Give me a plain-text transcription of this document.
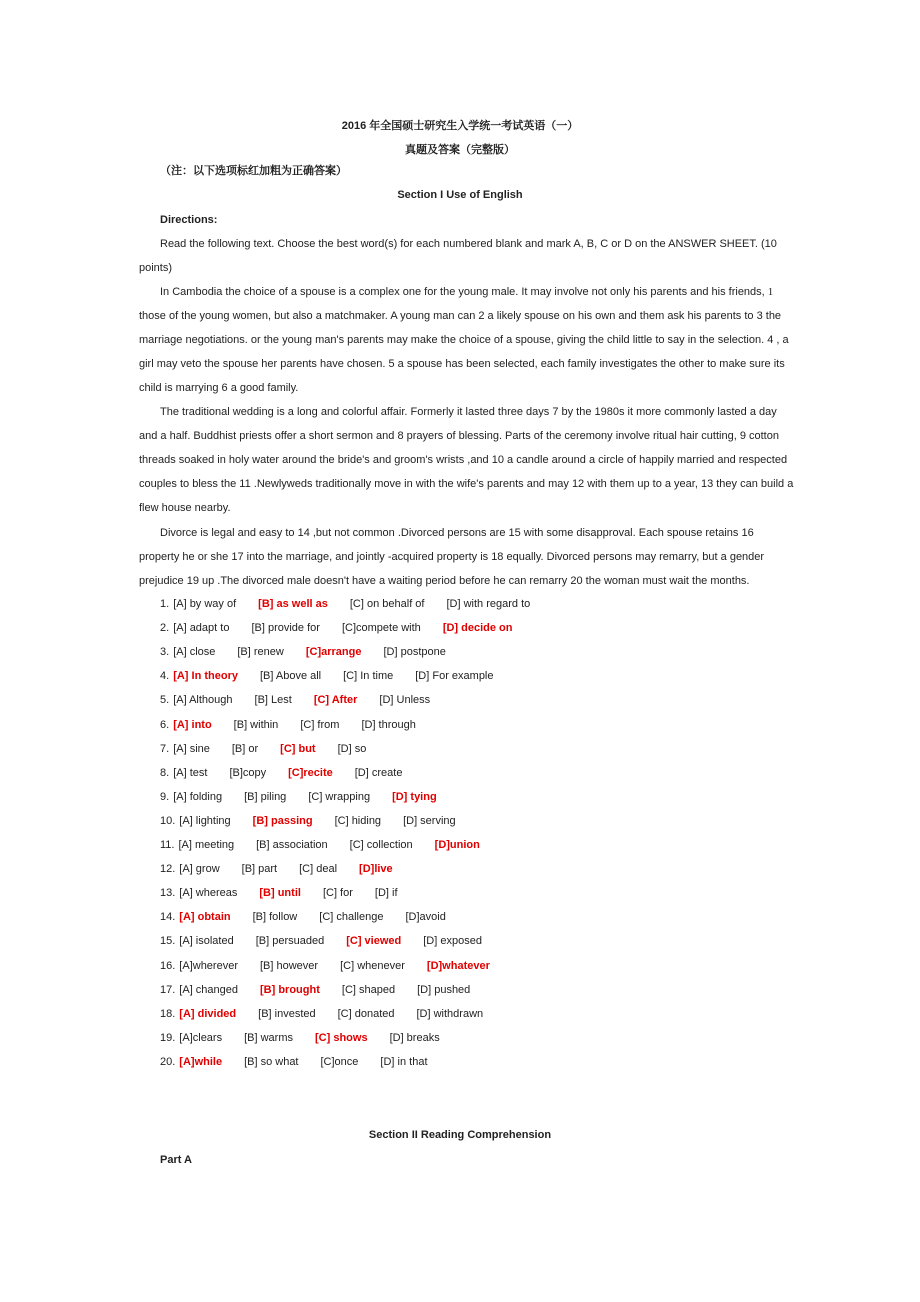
2016 年全国硕士研究生入学统一考试英语（一）
真题及答案（完整版）
（注：以下选项标红加粗为正确答案）
Section I Use of English
Directions:
Read the following text. Choose the best word(s) for each numbered blank and mark A, B, C or D on the ANSWER SHEET. (10
points)
In Cambodia the choice of a spouse is a complex one for the young male. It may involve not only his parents and his friends, 1
those of the young women, but also a matchmaker. A young man can 2 a likely spouse on his own and them ask his parents to 3 the
marriage negotiations. or the young man's parents may make the choice of a spouse, giving the child little to say in the selection. 4 , a
girl may veto the spouse her parents have chosen. 5 a spouse has been selected, each family investigates the other to make sure its
child is marrying 6 a good family.
The traditional wedding is a long and colorful affair. Formerly it lasted three days 7 by the 1980s it more commonly lasted a day
and a half. Buddhist priests offer a short sermon and 8 prayers of blessing. Parts of the ceremony involve ritual hair cutting, 9 cotton
threads soaked in holy water around the bride's and groom's wrists ,and 10 a candle around a circle of happily married and respected
couples to bless the 11 .Newlyweds traditionally move in with the wife's parents and may 12 with them up to a year, 13 they can build a
flew house nearby.
Divorce is legal and easy to 14 ,but not common .Divorced persons are 15 with some disapproval. Each spouse retains 16
property he or she 17 into the marriage, and jointly -acquired property is 18 equally. Divorced persons may remarry, but a gender
prejudice 19 up .The divorced male doesn't have a waiting period before he can remarry 20 the woman must wait the months.
1. [A] by way of [B] as well as [C] on behalf of [D] with regard to
2. [A] adapt to [B] provide for [C]compete with [D] decide on
3. [A] close [B] renew [C]arrange [D] postpone
4. [A] In theory [B] Above all [C] In time [D] For example
5. [A] Although [B] Lest [C] After [D] Unless
6. [A] into [B] within [C] from [D] through
7. [A] sine [B] or [C] but [D] so
8. [A] test [B]copy [C]recite [D] create
9. [A] folding [B] piling [C] wrapping [D] tying
10. [A] lighting [B] passing [C] hiding [D] serving
11. [A] meeting [B] association [C] collection [D]union
12. [A] grow [B] part [C] deal [D]live
13. [A] whereas [B] until [C] for [D] if
14. [A] obtain [B] follow [C] challenge [D]avoid
15. [A] isolated [B] persuaded [C] viewed [D] exposed
16. [A]wherever [B] however [C] whenever [D]whatever
17. [A] changed [B] brought [C] shaped [D] pushed
18. [A] divided [B] invested [C] donated [D] withdrawn
19. [A]clears [B] warms [C] shows [D] breaks
20. [A]while [B] so what [C]once [D] in that
Section II Reading Comprehension
Part A
